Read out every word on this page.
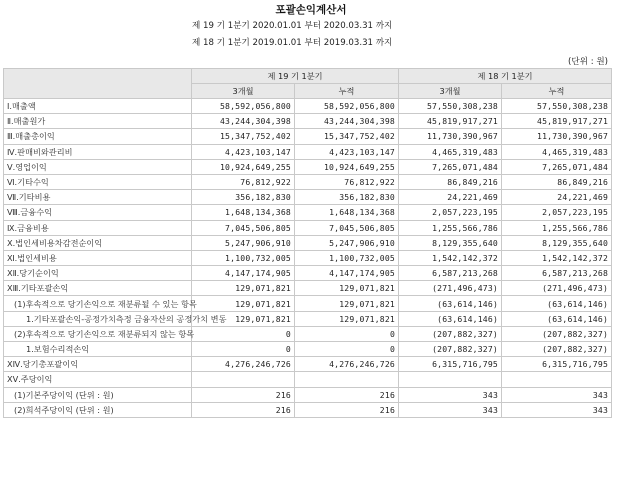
포괄손익계산서
제 19 기 1분기 2020.01.01 부터 2020.03.31 까지
제 18 기 1분기 2019.01.01 부터 2019.03.31 까지
(단위 : 원)
	제 19 기 1분기		제 18 기 1분기	
	3개월	누적	3개월	누적
Ⅰ.매출액	58,592,056,800	58,592,056,800	57,550,308,238	57,550,308,238
Ⅱ.매출원가	43,244,304,398	43,244,304,398	45,819,917,271	45,819,917,271
Ⅲ.매출총이익	15,347,752,402	15,347,752,402	11,730,390,967	11,730,390,967
Ⅳ.판매비와관리비	4,423,103,147	4,423,103,147	4,465,319,483	4,465,319,483
Ⅴ.영업이익	10,924,649,255	10,924,649,255	7,265,071,484	7,265,071,484
Ⅵ.기타수익	76,812,922	76,812,922	86,849,216	86,849,216
Ⅶ.기타비용	356,182,830	356,182,830	24,221,469	24,221,469
Ⅷ.금융수익	1,648,134,368	1,648,134,368	2,057,223,195	2,057,223,195
Ⅸ.금융비용	7,045,506,805	7,045,506,805	1,255,566,786	1,255,566,786
Ⅹ.법인세비용차감전순이익	5,247,906,910	5,247,906,910	8,129,355,640	8,129,355,640
Ⅺ.법인세비용	1,100,732,005	1,100,732,005	1,542,142,372	1,542,142,372
ⅩⅡ.당기순이익	4,147,174,905	4,147,174,905	6,587,213,268	6,587,213,268
ⅩⅢ.기타포괄손익	129,071,821	129,071,821	(271,496,473)	(271,496,473)
(1)후속적으로 당기손익으로 재분류될 수 있는 항목	129,071,821	129,071,821	(63,614,146)	(63,614,146)
1.기타포괄손익-공정가치측정 금융자산의 공정가치 변동	129,071,821	129,071,821	(63,614,146)	(63,614,146)
(2)후속적으로 당기손익으로 재분류되지 않는 항목	0	0	(207,882,327)	(207,882,327)
1.보험수리적손익	0	0	(207,882,327)	(207,882,327)
ⅩⅣ.당기총포괄이익	4,276,246,726	4,276,246,726	6,315,716,795	6,315,716,795
ⅩⅤ.주당이익				
(1)기본주당이익 (단위 : 원)	216	216	343	343
(2)희석주당이익 (단위 : 원)	216	216	343	343
